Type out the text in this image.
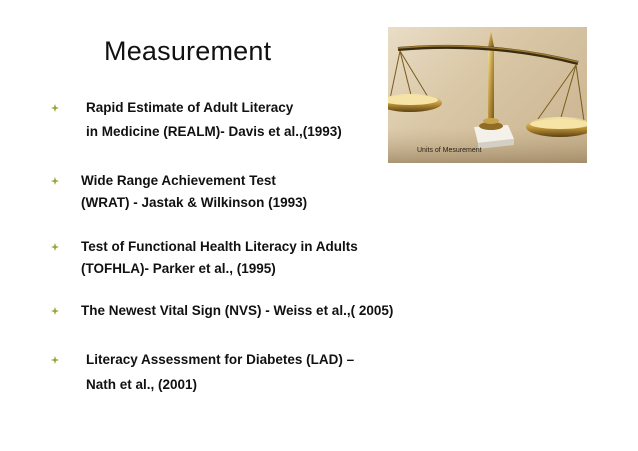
Measurement
Units of Mesurement
Rapid Estimate of Adult Literacy
in Medicine (REALM)- Davis et al.,(1993)
Wide Range Achievement Test
(WRAT) - Jastak & Wilkinson (1993)
Test of Functional Health Literacy in Adults
(TOFHLA)- Parker et al., (1995)
The Newest Vital Sign (NVS) - Weiss et al.,( 2005)
Literacy Assessment for Diabetes (LAD) –
Nath et al., (2001)
